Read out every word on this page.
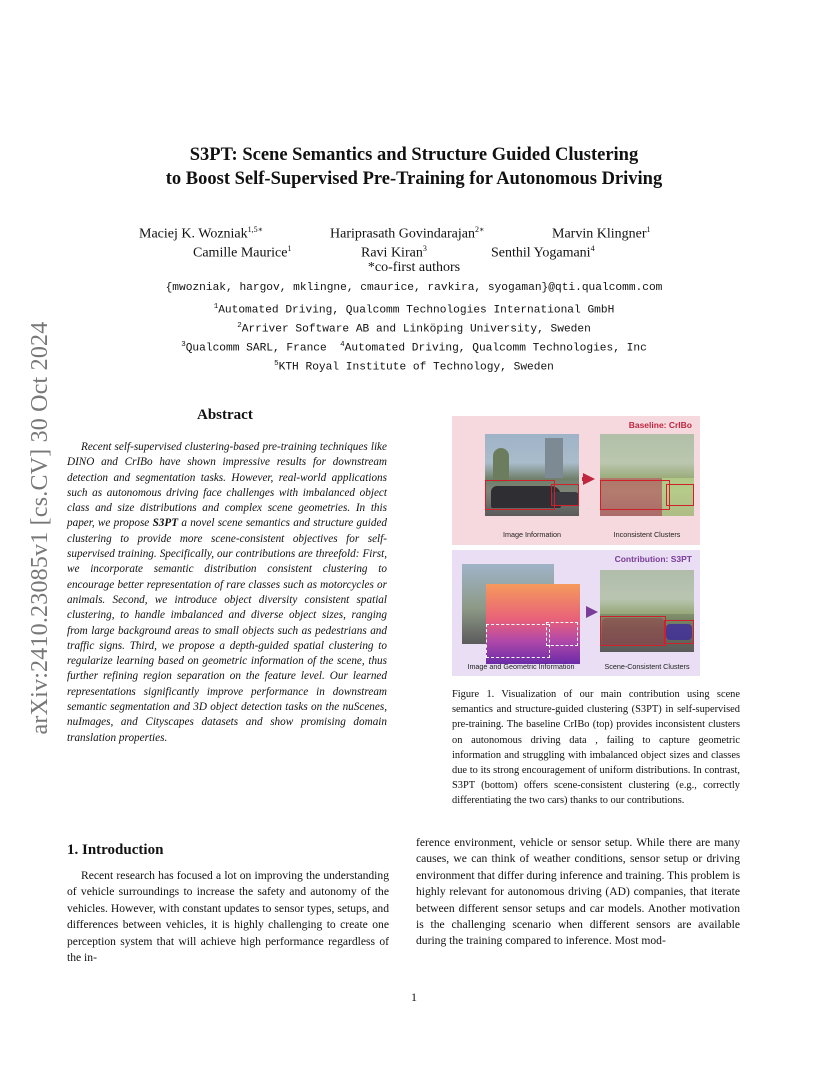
arXiv:2410.23085v1 [cs.CV] 30 Oct 2024
S3PT: Scene Semantics and Structure Guided Clustering
to Boost Self-Supervised Pre-Training for Autonomous Driving
Maciej K. Wozniak$^{1,5∗}$	Hariprasath Govindarajan$^{2∗}$	Marvin Klingner$^1$
Camille Maurice$^1$	Ravi Kiran$^3$	Senthil Yogamani$^4$
*co-first authors
{mwozniak, hargov, mklingne, cmaurice, ravkira, syogaman}@qti.qualcomm.com
$^1$Automated Driving, Qualcomm Technologies International GmbH
$^2$Arriver Software AB and Linköping University, Sweden
$^3$Qualcomm SARL, France $^4$Automated Driving, Qualcomm Technologies, Inc
$^5$KTH Royal Institute of Technology, Sweden
Abstract
Recent self-supervised clustering-based pre-training techniques like DINO and CrIBo have shown impressive results for downstream detection and segmentation tasks. However, real-world applications such as autonomous driving face challenges with imbalanced object class and size distributions and complex scene geometries. In this paper, we propose S3PT a novel scene semantics and structure guided clustering to provide more scene-consistent objectives for self-supervised training. Specifically, our contributions are threefold: First, we incorporate semantic distribution consistent clustering to encourage better representation of rare classes such as motorcycles or animals. Second, we introduce object diversity consistent spatial clustering, to handle imbalanced and diverse object sizes, ranging from large background areas to small objects such as pedestrians and traffic signs. Third, we propose a depth-guided spatial clustering to regularize learning based on geometric information of the scene, thus further refining region separation on the feature level. Our learned representations significantly improve performance in downstream semantic segmentation and 3D object detection tasks on the nuScenes, nuImages, and Cityscapes datasets and show promising domain translation properties.
Baseline: CrIBo
Image Information	Inconsistent Clusters
Contribution: S3PT
Image and Geometric Information	Scene-Consistent Clusters
Figure 1. Visualization of our main contribution using scene semantics and structure-guided clustering (S3PT) in self-supervised pre-training. The baseline CrIBo (top) provides inconsistent clusters on autonomous driving data , failing to capture geometric information and struggling with imbalanced object sizes and classes due to its strong encouragement of uniform distributions. In contrast, S3PT (bottom) offers scene-consistent clustering (e.g., correctly differentiating the two cars) thanks to our contributions.
1. Introduction
Recent research has focused a lot on improving the understanding of vehicle surroundings to increase the safety and autonomy of the vehicles. However, with constant updates to sensor types, setups, and differences between vehicles, it is highly challenging to create one perception system that will achieve high performance regardless of the in-
ference environment, vehicle or sensor setup. While there are many causes, we can think of weather conditions, sensor setup or driving environment that differ during inference and training. This problem is highly relevant for autonomous driving (AD) companies, that iterate between different sensor setups and car models. Another motivation is the challenging scenario when different sensors are available during the training compared to inference. Most mod-
1
